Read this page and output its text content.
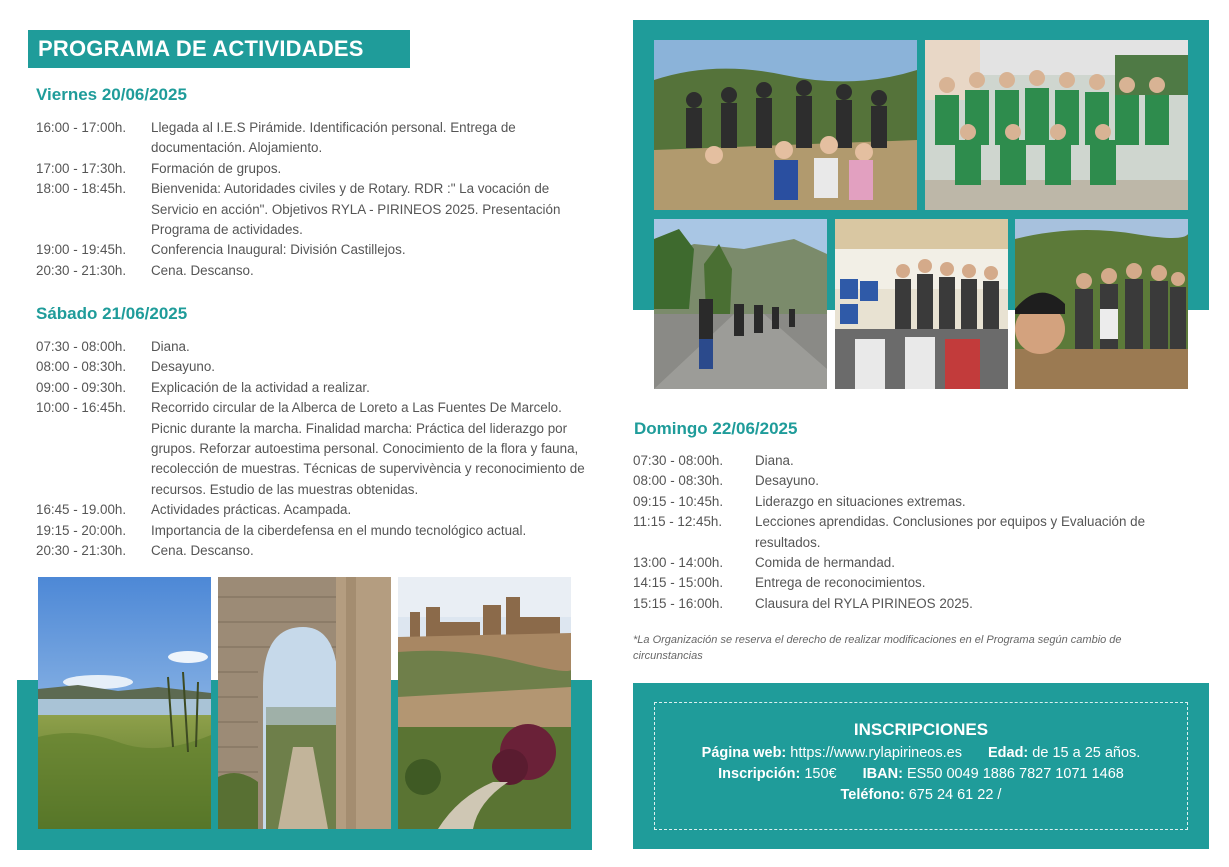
PROGRAMA DE ACTIVIDADES
Viernes 20/06/2025
16:00 - 17:00h.	Llegada al I.E.S Pirámide. Identificación personal. Entrega de documentación. Alojamiento.
17:00 - 17:30h.	Formación de grupos.
18:00 - 18:45h.	Bienvenida: Autoridades civiles y de Rotary. RDR :" La vocación de Servicio en acción". Objetivos RYLA - PIRINEOS 2025. Presentación Programa de actividades.
19:00 - 19:45h.	Conferencia Inaugural: División Castillejos.
20:30 - 21:30h.	Cena. Descanso.
Sábado 21/06/2025
07:30 - 08:00h.	Diana.
08:00 - 08:30h.	Desayuno.
09:00 - 09:30h.	Explicación de la actividad a realizar.
10:00 - 16:45h.	Recorrido circular de la Alberca de Loreto a Las Fuentes De Marcelo. Picnic durante la marcha. Finalidad marcha: Práctica del liderazgo por grupos. Reforzar autoestima personal. Conocimiento de la flora y fauna, recolección de muestras. Técnicas de supervivència y reconocimiento de recursos. Estudio de las muestras obtenidas.
16:45 - 19.00h.	Actividades prácticas. Acampada.
19:15 - 20:00h.	Importancia de la ciberdefensa en el mundo tecnológico actual.
20:30 - 21:30h.	Cena. Descanso.
Domingo 22/06/2025
07:30 - 08:00h.	Diana.
08:00 - 08:30h.	Desayuno.
09:15 - 10:45h.	Liderazgo en situaciones extremas.
11:15 - 12:45h.	Lecciones aprendidas. Conclusiones por equipos y Evaluación de resultados.
13:00 - 14:00h.	Comida de hermandad.
14:15 - 15:00h.	Entrega de reconocimientos.
15:15 - 16:00h.	Clausura del RYLA PIRINEOS 2025.
*La Organización se reserva el derecho de realizar modificaciones en el Programa según cambio de circunstancias
INSCRIPCIONES
Página web: https://www.rylapirineos.es Edad: de 15 a 25 años.
Inscripción: 150€ IBAN: ES50 0049 1886 7827 1071 1468
Teléfono: 675 24 61 22 /
